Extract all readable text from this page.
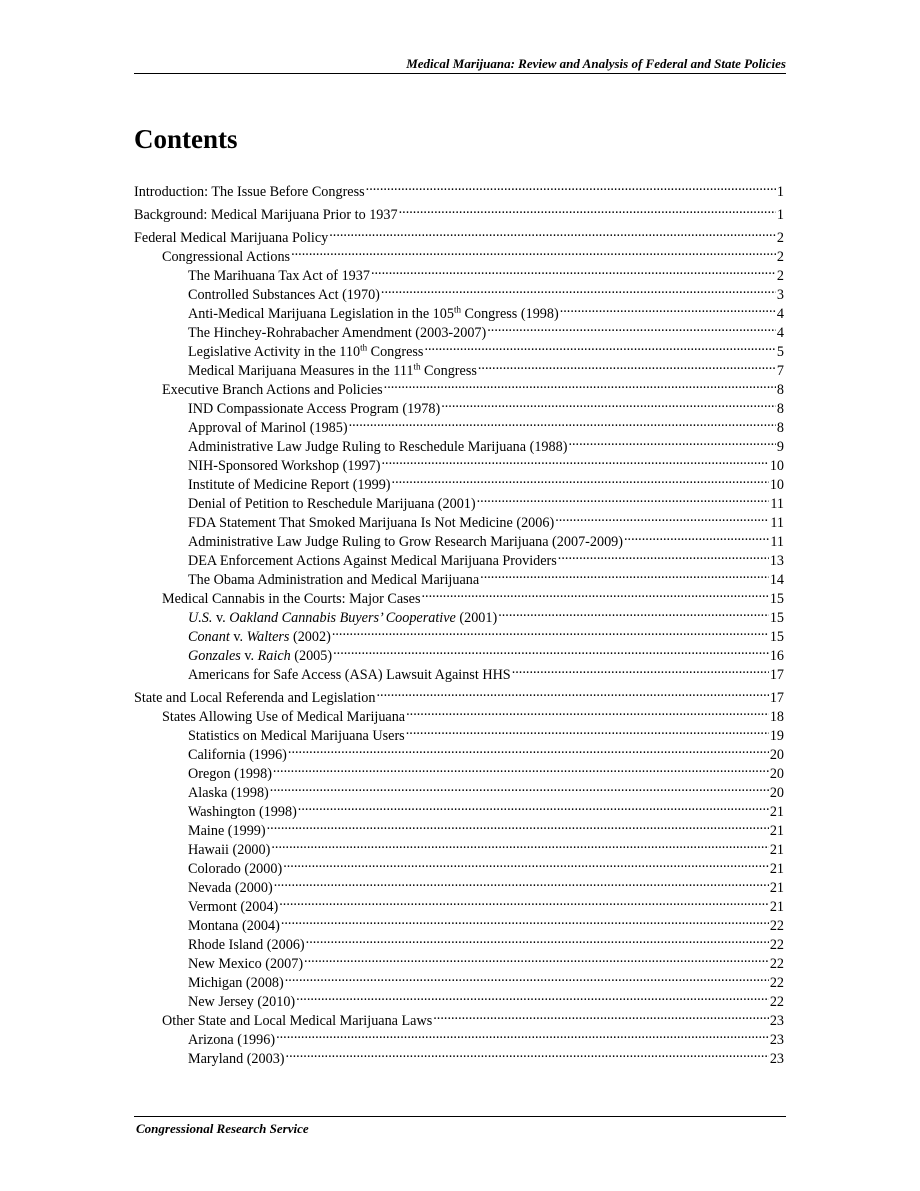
Medical Marijuana: Review and Analysis of Federal and State Policies
Contents
Introduction: The Issue Before Congress .....	1
Background: Medical Marijuana Prior to 1937 .....	1
Federal Medical Marijuana Policy .....	2
Congressional Actions .....	2
The Marihuana Tax Act of 1937 .....	2
Controlled Substances Act (1970) .....	3
Anti-Medical Marijuana Legislation in the 105th Congress (1998) .....	4
The Hinchey-Rohrabacher Amendment (2003-2007) .....	4
Legislative Activity in the 110th Congress .....	5
Medical Marijuana Measures in the 111th Congress .....	7
Executive Branch Actions and Policies .....	8
IND Compassionate Access Program (1978) .....	8
Approval of Marinol (1985) .....	8
Administrative Law Judge Ruling to Reschedule Marijuana (1988) .....	9
NIH-Sponsored Workshop (1997) .....	10
Institute of Medicine Report (1999) .....	10
Denial of Petition to Reschedule Marijuana (2001) .....	11
FDA Statement That Smoked Marijuana Is Not Medicine (2006) .....	11
Administrative Law Judge Ruling to Grow Research Marijuana (2007-2009) .....	11
DEA Enforcement Actions Against Medical Marijuana Providers .....	13
The Obama Administration and Medical Marijuana .....	14
Medical Cannabis in the Courts: Major Cases .....	15
U.S. v. Oakland Cannabis Buyers’ Cooperative (2001) .....	15
Conant v. Walters (2002) .....	15
Gonzales v. Raich (2005) .....	16
Americans for Safe Access (ASA) Lawsuit Against HHS .....	17
State and Local Referenda and Legislation .....	17
States Allowing Use of Medical Marijuana .....	18
Statistics on Medical Marijuana Users .....	19
California (1996) .....	20
Oregon (1998) .....	20
Alaska (1998) .....	20
Washington (1998) .....	21
Maine (1999) .....	21
Hawaii (2000) .....	21
Colorado (2000) .....	21
Nevada (2000) .....	21
Vermont (2004) .....	21
Montana (2004) .....	22
Rhode Island (2006) .....	22
New Mexico (2007) .....	22
Michigan (2008) .....	22
New Jersey (2010) .....	22
Other State and Local Medical Marijuana Laws .....	23
Arizona (1996) .....	23
Maryland (2003) .....	23
Congressional Research Service
